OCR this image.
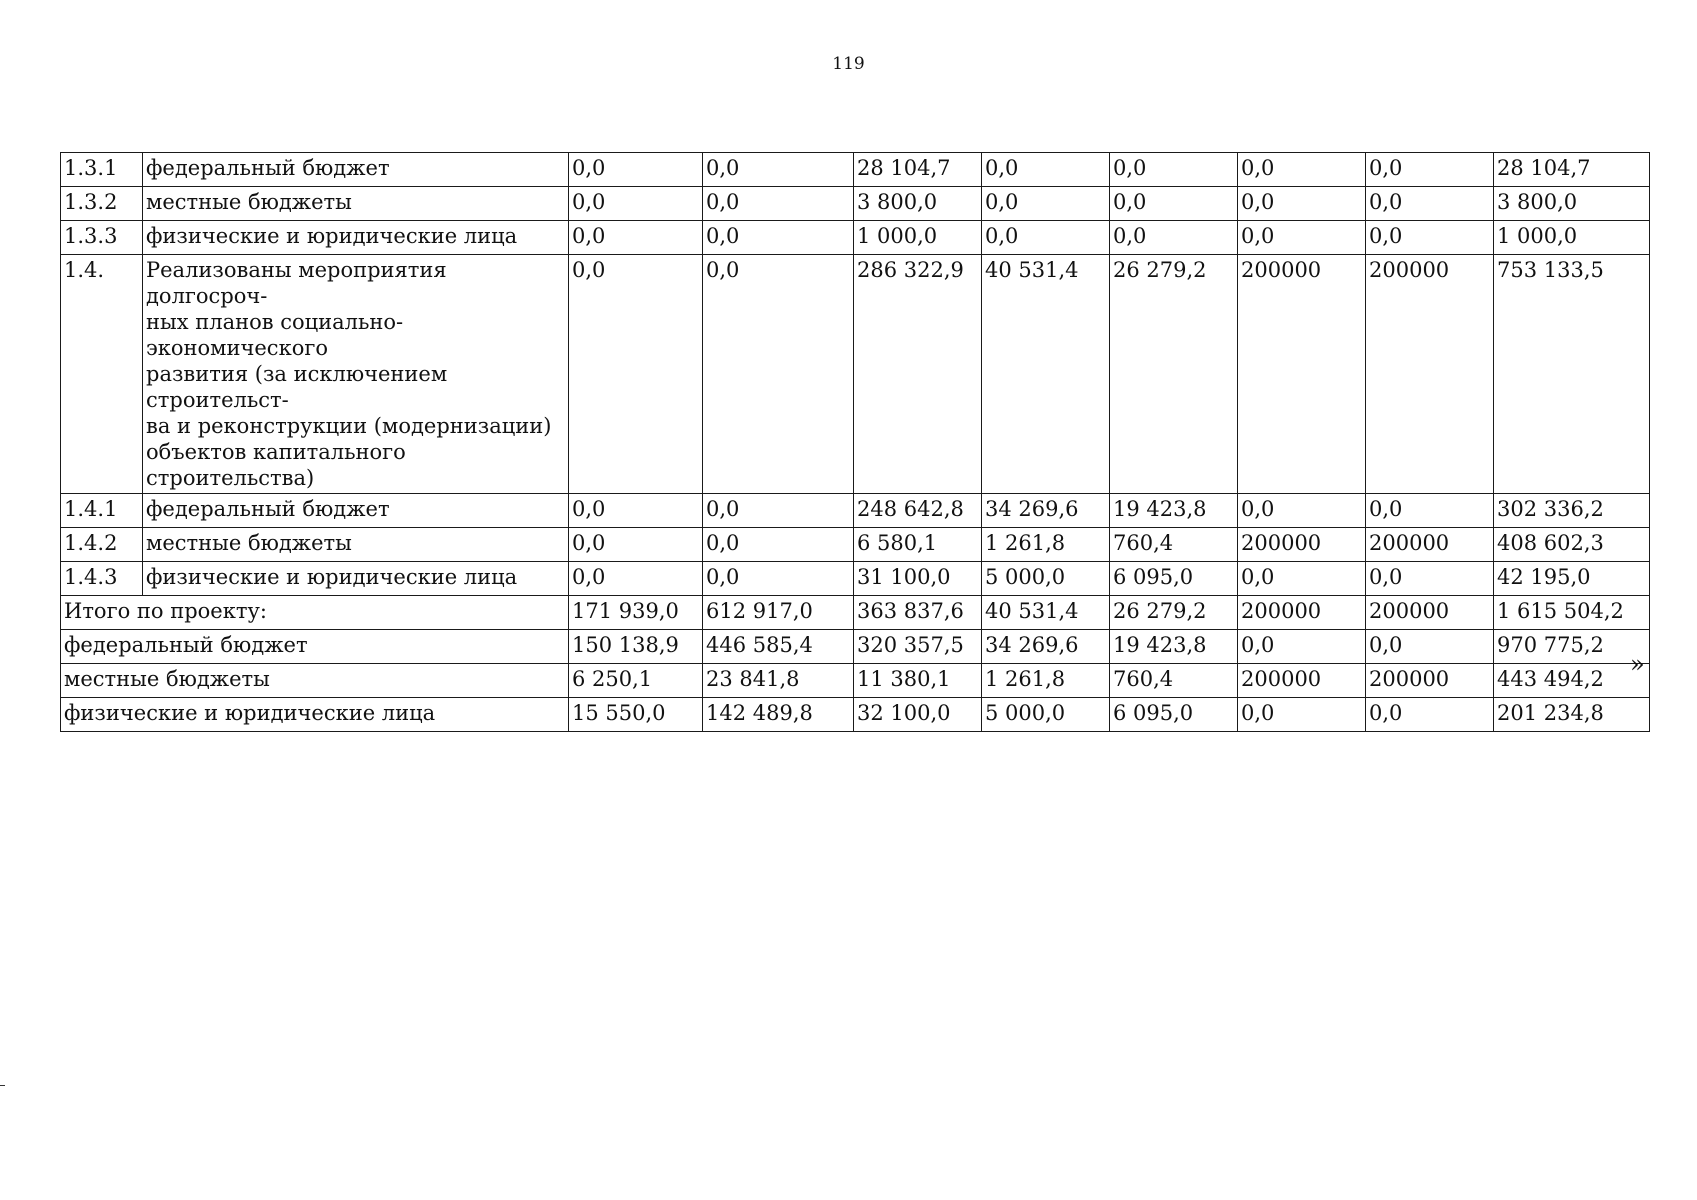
119
1.3.1	федеральный бюджет	0,0	0,0	28 104,7	0,0	0,0	0,0	0,0	28 104,7
1.3.2	местные бюджеты	0,0	0,0	3 800,0	0,0	0,0	0,0	0,0	3 800,0
1.3.3	физические и юридические лица	0,0	0,0	1 000,0	0,0	0,0	0,0	0,0	1 000,0
1.4.	Реализованы мероприятия долгосроч-
ных планов социально-экономического
развития (за исключением строительст-
ва и реконструкции (модернизации)
объектов капитального строительства)	0,0	0,0	286 322,9	40 531,4	26 279,2	200000	200000	753 133,5
1.4.1	федеральный бюджет	0,0	0,0	248 642,8	34 269,6	19 423,8	0,0	0,0	302 336,2
1.4.2	местные бюджеты	0,0	0,0	6 580,1	1 261,8	760,4	200000	200000	408 602,3
1.4.3	физические и юридические лица	0,0	0,0	31 100,0	5 000,0	6 095,0	0,0	0,0	42 195,0
Итого по проекту:		171 939,0	612 917,0	363 837,6	40 531,4	26 279,2	200000	200000	1 615 504,2
федеральный бюджет		150 138,9	446 585,4	320 357,5	34 269,6	19 423,8	0,0	0,0	970 775,2
местные бюджеты		6 250,1	23 841,8	11 380,1	1 261,8	760,4	200000	200000	443 494,2
физические и юридические лица		15 550,0	142 489,8	32 100,0	5 000,0	6 095,0	0,0	0,0	201 234,8
»
